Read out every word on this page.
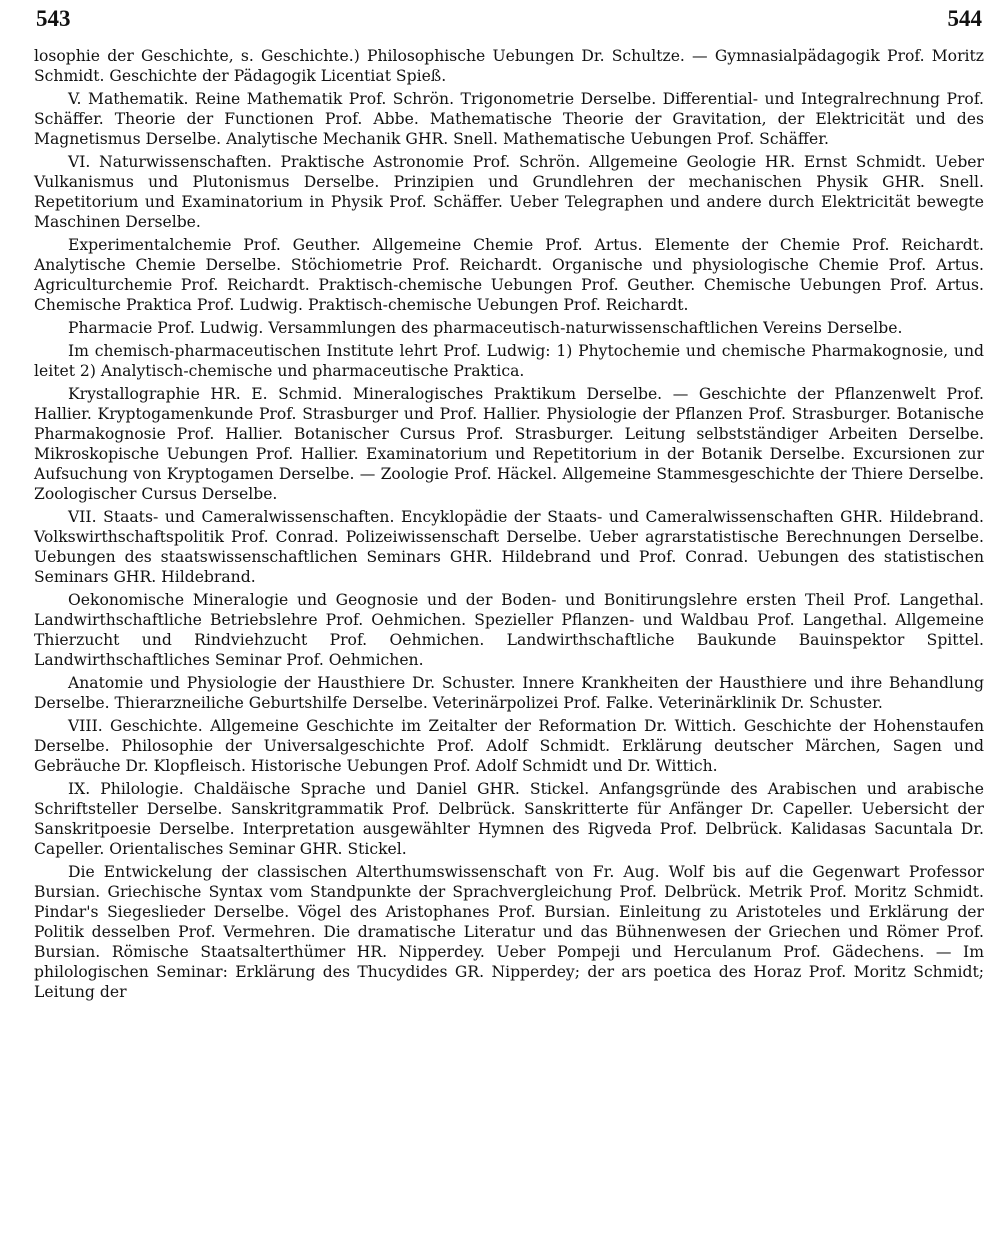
543	544

losophie der Geschichte, s. Geschichte.) Philosophische Uebungen Dr. Schultze. — Gymnasialpädagogik Prof. Moritz Schmidt. Geschichte der Pädagogik Licentiat Spieß.

V. Mathematik. Reine Mathematik Prof. Schrön. Trigonometrie Derselbe. Differential- und Integralrechnung Prof. Schäffer. Theorie der Functionen Prof. Abbe. Mathematische Theorie der Gravitation, der Elektricität und des Magnetismus Derselbe. Analytische Mechanik GHR. Snell. Mathematische Uebungen Prof. Schäffer.

VI. Naturwissenschaften. Praktische Astronomie Prof. Schrön. Allgemeine Geologie HR. Ernst Schmidt. Ueber Vulkanismus und Plutonismus Derselbe. Prinzipien und Grundlehren der mechanischen Physik GHR. Snell. Repetitorium und Examinatorium in Physik Prof. Schäffer. Ueber Telegraphen und andere durch Elektricität bewegte Maschinen Derselbe.

Experimentalchemie Prof. Geuther. Allgemeine Chemie Prof. Artus. Elemente der Chemie Prof. Reichardt. Analytische Chemie Derselbe. Stöchiometrie Prof. Reichardt. Organische und physiologische Chemie Prof. Artus. Agriculturchemie Prof. Reichardt. Praktisch-chemische Uebungen Prof. Geuther. Chemische Uebungen Prof. Artus. Chemische Praktica Prof. Ludwig. Praktisch-chemische Uebungen Prof. Reichardt.

Pharmacie Prof. Ludwig. Versammlungen des pharmaceutisch-naturwissenschaftlichen Vereins Derselbe.

Im chemisch-pharmaceutischen Institute lehrt Prof. Ludwig: 1) Phytochemie und chemische Pharmakognosie, und leitet 2) Analytisch-chemische und pharmaceutische Praktica.

Krystallographie HR. E. Schmid. Mineralogisches Praktikum Derselbe. — Geschichte der Pflanzenwelt Prof. Hallier. Kryptogamenkunde Prof. Strasburger und Prof. Hallier. Physiologie der Pflanzen Prof. Strasburger. Botanische Pharmakognosie Prof. Hallier. Botanischer Cursus Prof. Strasburger. Leitung selbstständiger Arbeiten Derselbe. Mikroskopische Uebungen Prof. Hallier. Examinatorium und Repetitorium in der Botanik Derselbe. Excursionen zur Aufsuchung von Kryptogamen Derselbe. — Zoologie Prof. Häckel. Allgemeine Stammesgeschichte der Thiere Derselbe. Zoologischer Cursus Derselbe.

VII. Staats- und Cameralwissenschaften. Encyklopädie der Staats- und Cameralwissenschaften GHR. Hildebrand. Volkswirthschaftspolitik Prof. Conrad. Polizeiwissenschaft Derselbe. Ueber agrarstatistische Berechnungen Derselbe. Uebungen des staatswissenschaftlichen Seminars GHR. Hildebrand und Prof. Conrad. Uebungen des statistischen Seminars GHR. Hildebrand.

Oekonomische Mineralogie und Geognosie und der Boden- und Bonitirungslehre ersten Theil Prof. Langethal. Landwirthschaftliche Betriebslehre Prof. Oehmichen. Spezieller Pflanzen- und Waldbau Prof. Langethal. Allgemeine Thierzucht und Rindviehzucht Prof. Oehmichen. Landwirthschaftliche Baukunde Bauinspektor Spittel. Landwirthschaftliches Seminar Prof. Oehmichen.

Anatomie und Physiologie der Hausthiere Dr. Schuster. Innere Krankheiten der Hausthiere und ihre Behandlung Derselbe. Thierarzneiliche Geburtshilfe Derselbe. Veterinärpolizei Prof. Falke. Veterinärklinik Dr. Schuster.

VIII. Geschichte. Allgemeine Geschichte im Zeitalter der Reformation Dr. Wittich. Geschichte der Hohenstaufen Derselbe. Philosophie der Universalgeschichte Prof. Adolf Schmidt. Erklärung deutscher Märchen, Sagen und Gebräuche Dr. Klopfleisch. Historische Uebungen Prof. Adolf Schmidt und Dr. Wittich.

IX. Philologie. Chaldäische Sprache und Daniel GHR. Stickel. Anfangsgründe des Arabischen und arabische Schriftsteller Derselbe. Sanskritgrammatik Prof. Delbrück. Sanskritterte für Anfänger Dr. Capeller. Uebersicht der Sanskritpoesie Derselbe. Interpretation ausgewählter Hymnen des Rigveda Prof. Delbrück. Kalidasas Sacuntala Dr. Capeller. Orientalisches Seminar GHR. Stickel.

Die Entwickelung der classischen Alterthumswissenschaft von Fr. Aug. Wolf bis auf die Gegenwart Professor Bursian. Griechische Syntax vom Standpunkte der Sprachvergleichung Prof. Delbrück. Metrik Prof. Moritz Schmidt. Pindar's Siegeslieder Derselbe. Vögel des Aristophanes Prof. Bursian. Einleitung zu Aristoteles und Erklärung der Politik desselben Prof. Vermehren. Die dramatische Literatur und das Bühnenwesen der Griechen und Römer Prof. Bursian. Römische Staatsalterthümer HR. Nipperdey. Ueber Pompeji und Herculanum Prof. Gädechens. — Im philologischen Seminar: Erklärung des Thucydides GR. Nipperdey; der ars poetica des Horaz Prof. Moritz Schmidt; Leitung der
